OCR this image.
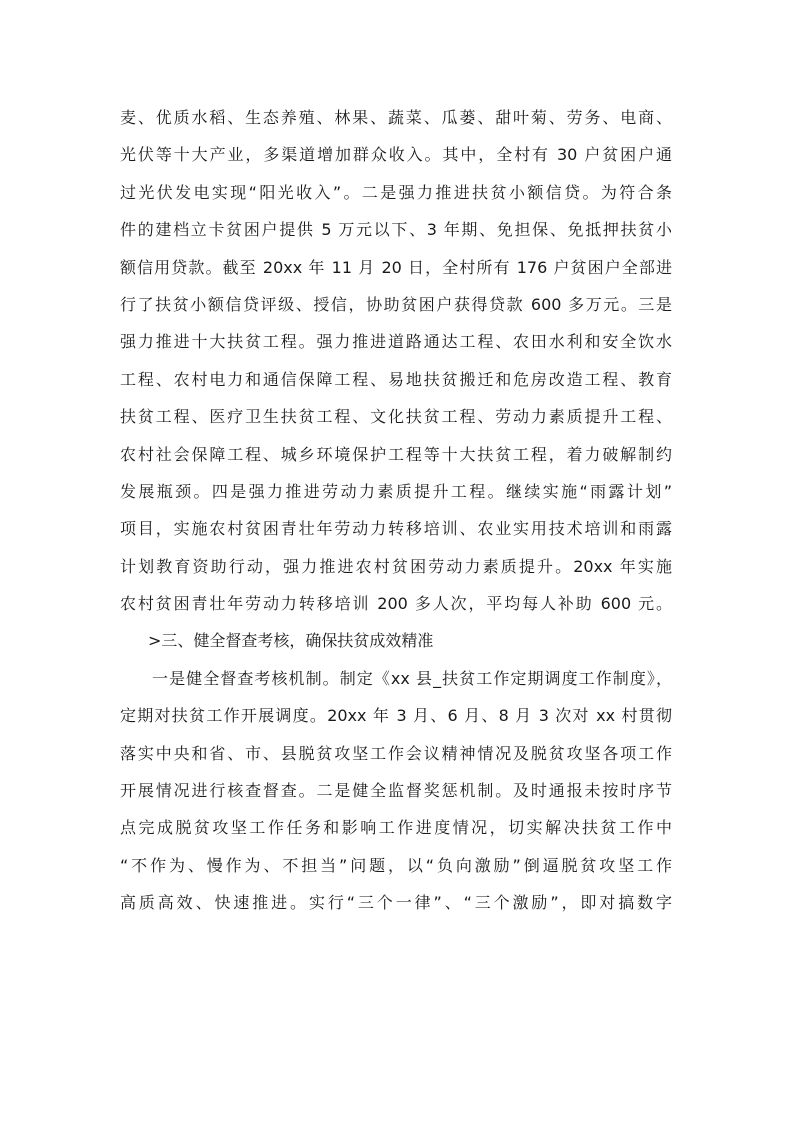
麦、优质水稻、生态养殖、林果、蔬菜、瓜蒌、甜叶菊、劳务、电商、
光伏等十大产业，多渠道增加群众收入。其中，全村有 30 户贫困户通
过光伏发电实现“阳光收入”。二是强力推进扶贫小额信贷。为符合条
件的建档立卡贫困户提供 5 万元以下、3 年期、免担保、免抵押扶贫小
额信用贷款。截至 20xx 年 11 月 20 日，全村所有 176 户贫困户全部进
行了扶贫小额信贷评级、授信，协助贫困户获得贷款 600 多万元。三是
强力推进十大扶贫工程。强力推进道路通达工程、农田水利和安全饮水
工程、农村电力和通信保障工程、易地扶贫搬迁和危房改造工程、教育
扶贫工程、医疗卫生扶贫工程、文化扶贫工程、劳动力素质提升工程、
农村社会保障工程、城乡环境保护工程等十大扶贫工程，着力破解制约
发展瓶颈。四是强力推进劳动力素质提升工程。继续实施“雨露计划”
项目，实施农村贫困青壮年劳动力转移培训、农业实用技术培训和雨露
计划教育资助行动，强力推进农村贫困劳动力素质提升。20xx 年实施
农村贫困青壮年劳动力转移培训 200 多人次，平均每人补助 600 元。
>三、健全督查考核，确保扶贫成效精准
一是健全督查考核机制。制定《xx 县_扶贫工作定期调度工作制度》，
定期对扶贫工作开展调度。20xx 年 3 月、6 月、8 月 3 次对 xx 村贯彻
落实中央和省、市、县脱贫攻坚工作会议精神情况及脱贫攻坚各项工作
开展情况进行核查督查。二是健全监督奖惩机制。及时通报未按时序节
点完成脱贫攻坚工作任务和影响工作进度情况，切实解决扶贫工作中
“不作为、慢作为、不担当”问题，以“负向激励”倒逼脱贫攻坚工作
高质高效、快速推进。实行“三个一律”、“三个激励”，即对搞数字
